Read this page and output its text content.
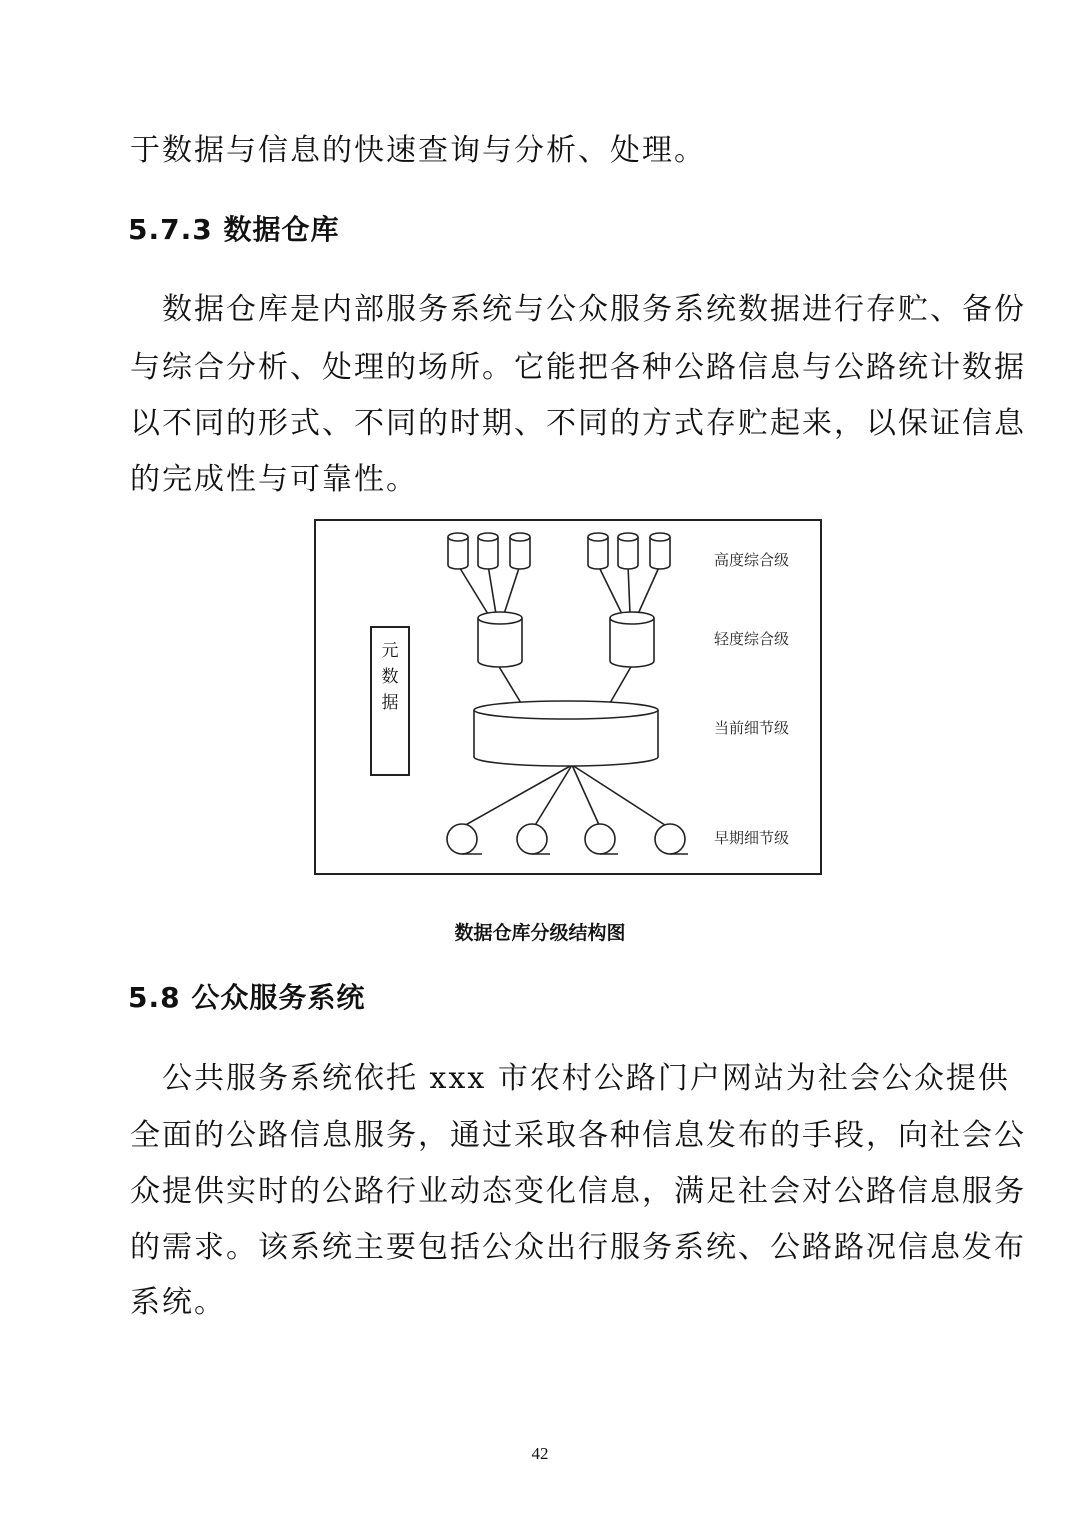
于数据与信息的快速查询与分析、处理。
5.7.3 数据仓库
　数据仓库是内部服务系统与公众服务系统数据进行存贮、备份
与综合分析、处理的场所。它能把各种公路信息与公路统计数据
以不同的形式、不同的时期、不同的方式存贮起来，以保证信息
的完成性与可靠性。
高度综合级
轻度综合级
当前细节级
早期细节级
元
数
据
数据仓库分级结构图
5.8 公众服务系统
　公共服务系统依托 xxx 市农村公路门户网站为社会公众提供
全面的公路信息服务，通过采取各种信息发布的手段，向社会公
众提供实时的公路行业动态变化信息，满足社会对公路信息服务
的需求。该系统主要包括公众出行服务系统、公路路况信息发布
系统。
42
